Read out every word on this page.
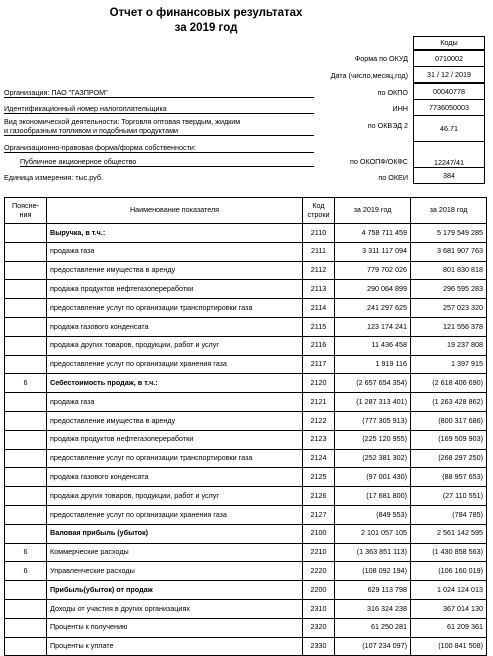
Отчет о финансовых результатах
за 2019 год
Коды
Форма по ОКУД	0710002
Дата (число,месяц,год)	31 / 12 / 2019
Организация: ПАО "ГАЗПРОМ"	по ОКПО	00040778
Идентификационный номер налогоплательщика	ИНН	7736050003
Вид экономической деятельности: Торговля оптовая твердым, жидким
и газообразным топливом и подобными продуктами
по ОКВЭД 2	46.71
Организационно-правовая форма/форма собственности:
Публичное акционерное общество	по ОКОПФ/ОКФС	12247/41
Единица измерения: тыс.руб.	по ОКЕИ	384
Поясне-ния	Наименование показателя	Код строки	за 2019 год	за 2018 год
	Выручка, в т.ч.:	2110	4 758 711 459	5 179 549 285
	продажа газа	2111	3 311 117 094	3 681 907 763
	предоставление имущества в аренду	2112	779 702 026	801 830 818
	продажа продуктов нефтегазопереработки	2113	290 064 899	296 595 283
	предоставление услуг по организации транспортировки газа	2114	241 297 625	257 023 320
	продажа газового конденсата	2115	123 174 241	121 556 378
	продажа других товаров, продукции, работ и услуг	2116	11 436 458	19 237 808
	предоставление услуг по организации хранения газа	2117	1 919 116	1 397 915
6	Себестоимость продаж, в т.ч.:	2120	(2 657 654 354)	(2 618 406 690)
	продажа газа	2121	(1 287 313 401)	(1 263 428 862)
	предоставление имущества в аренду	2122	(777 305 913)	(800 317 686)
	продажа продуктов нефтегазопереработки	2123	(225 120 955)	(169 509 903)
	предоставление услуг по организации транспортировки газа	2124	(252 381 302)	(268 297 250)
	продажа газового конденсата	2125	(97 001 430)	(88 957 653)
	продажа других товаров, продукции, работ и услуг	2126	(17 681 800)	(27 110 551)
	предоставление услуг по организации хранения газа	2127	(849 553)	(784 785)
	Валовая прибыль (убыток)	2100	2 101 057 105	2 561 142 595
6	Коммерческие расходы	2210	(1 363 851 113)	(1 430 858 563)
6	Управленческие расходы	2220	(108 092 194)	(106 160 019)
	Прибыль(убыток) от продаж	2200	629 113 798	1 024 124 013
	Доходы от участия в других организациях	2310	316 324 238	367 014 130
	Проценты к получению	2320	61 250 281	61 209 361
	Проценты к уплате	2330	(107 234 097)	(100 841 508)
